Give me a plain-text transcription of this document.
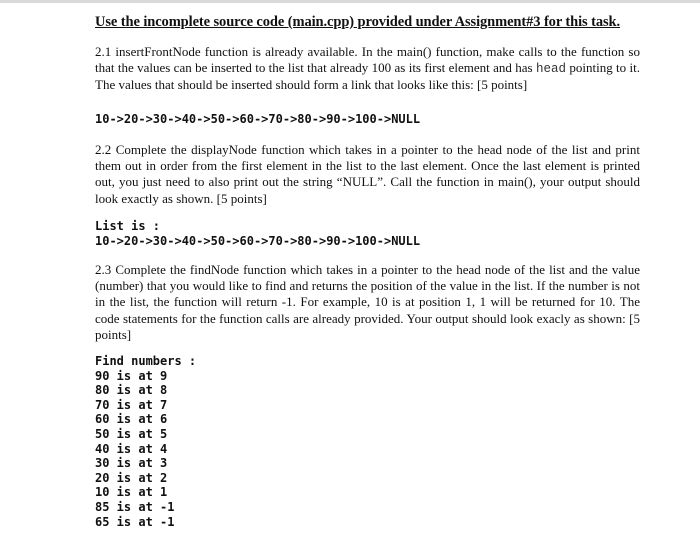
Use the incomplete source code (main.cpp) provided under Assignment#3 for this task.

2.1 insertFrontNode function is already available. In the main() function, make calls to the function so that the values can be inserted to the list that already 100 as its first element and has head pointing to it. The values that should be inserted should form a link that looks like this: [5 points]

10->20->30->40->50->60->70->80->90->100->NULL

2.2 Complete the displayNode function which takes in a pointer to the head node of the list and print them out in order from the first element in the list to the last element. Once the last element is printed out, you just need to also print out the string “NULL”. Call the function in main(), your output should look exactly as shown. [5 points]

List is :
10->20->30->40->50->60->70->80->90->100->NULL

2.3 Complete the findNode function which takes in a pointer to the head node of the list and the value (number) that you would like to find and returns the position of the value in the list. If the number is not in the list, the function will return -1. For example, 10 is at position 1, 1 will be returned for 10. The code statements for the function calls are already provided. Your output should look exacly as shown: [5 points]

Find numbers :
90 is at 9
80 is at 8
70 is at 7
60 is at 6
50 is at 5
40 is at 4
30 is at 3
20 is at 2
10 is at 1
85 is at -1
65 is at -1
